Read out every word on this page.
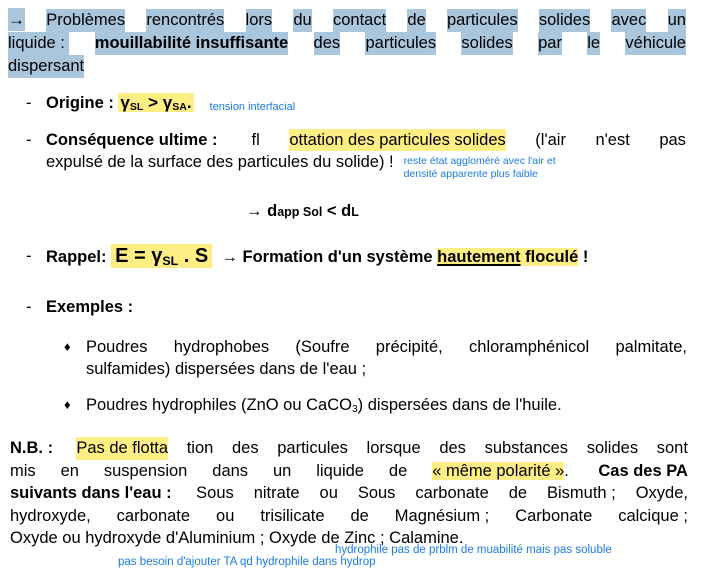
→ Problèmes rencontrés lors du contact de particules solides avec un
liquide : mouillabilité insuffisante des particules solides par le véhicule
dispersant
- Origine : $\gamma_{SL} > \gamma_{SA}$. tension interfacial
- Conséquence ultime : fl ottation des particules solides (l'air n'est pas
expulsé de la surface des particules du solide) ! reste état aggloméré avec l'air et
densité apparente plus faible
→ dapp Sol < dL
- Rappel: $E = \gamma_{SL}$ . S → Formation d'un système hautement floculé !
- Exemples :
♦ Poudres hydrophobes (Soufre précipité, chloramphénicol palmitate,
sulfamides) dispersées dans de l'eau ;
♦ Poudres hydrophiles (ZnO ou CaCO$_3$) dispersées dans de l'huile.
N.B. : Pas de flotta tion des particules lorsque des substances solides sont
mis en suspension dans un liquide de « même polarité ». Cas des PA
suivants dans l'eau : Sous nitrate ou Sous carbonate de Bismuth ; Oxyde,
hydroxyde, carbonate ou trisilicate de Magnésium ; Carbonate calcique ;
Oxyde ou hydroxyde d'Aluminium ; Oxyde de Zinc ; Calamine.
hydrophile pas de prblm de muabilité mais pas soluble
pas besoin d'ajouter TA qd hydrophile dans hydrop
